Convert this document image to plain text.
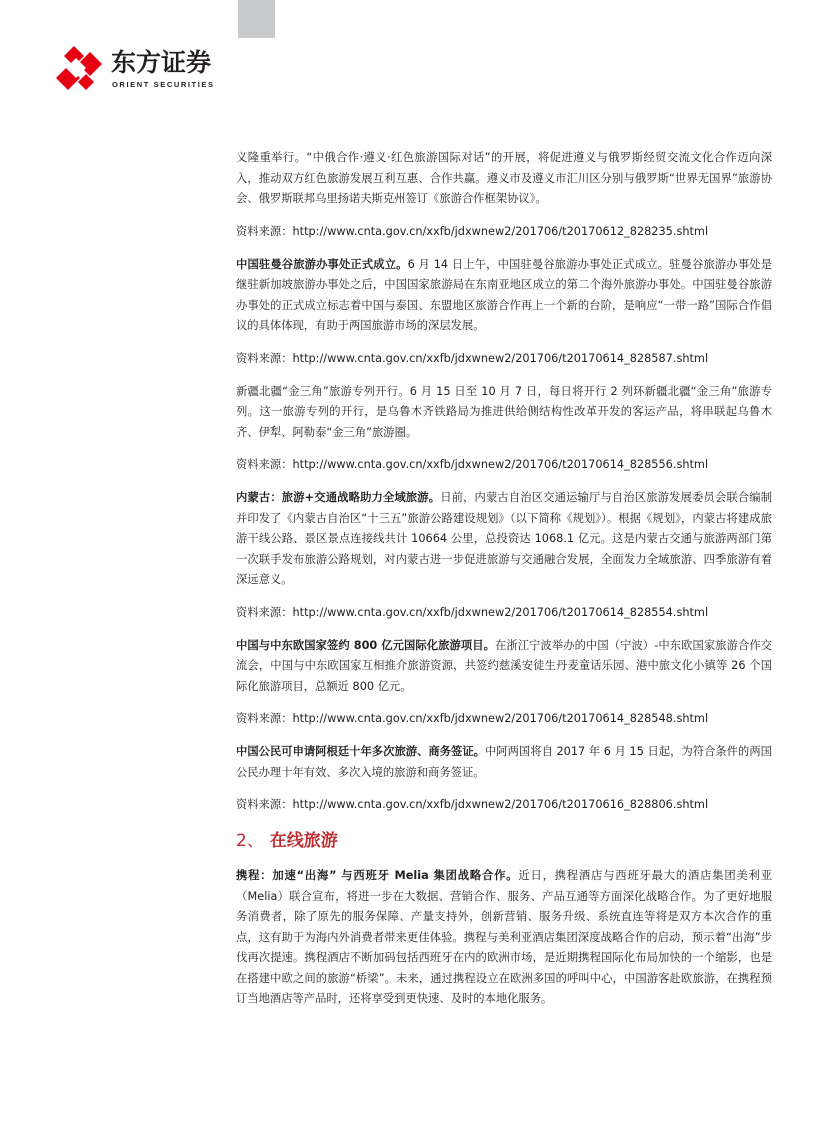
东方证券
ORIENT SECURITIES

义隆重举行。“中俄合作·遵义·红色旅游国际对话”的开展，将促进遵义与俄罗斯经贸交流文化合作迈向深入，推动双方红色旅游发展互利互惠、合作共赢。遵义市及遵义市汇川区分别与俄罗斯“世界无国界”旅游协会、俄罗斯联邦乌里扬诺夫斯克州签订《旅游合作框架协议》。

资料来源：http://www.cnta.gov.cn/xxfb/jdxwnew2/201706/t20170612_828235.shtml

中国驻曼谷旅游办事处正式成立。6 月 14 日上午，中国驻曼谷旅游办事处正式成立。驻曼谷旅游办事处是继驻新加坡旅游办事处之后，中国国家旅游局在东南亚地区成立的第二个海外旅游办事处。中国驻曼谷旅游办事处的正式成立标志着中国与泰国、东盟地区旅游合作再上一个新的台阶，是响应“一带一路”国际合作倡议的具体体现，有助于两国旅游市场的深层发展。

资料来源：http://www.cnta.gov.cn/xxfb/jdxwnew2/201706/t20170614_828587.shtml

新疆北疆“金三角”旅游专列开行。6 月 15 日至 10 月 7 日，每日将开行 2 列环新疆北疆“金三角”旅游专列。这一旅游专列的开行，是乌鲁木齐铁路局为推进供给侧结构性改革开发的客运产品，将串联起乌鲁木齐、伊犁、阿勒泰“金三角”旅游圈。

资料来源：http://www.cnta.gov.cn/xxfb/jdxwnew2/201706/t20170614_828556.shtml

内蒙古：旅游+交通战略助力全域旅游。日前，内蒙古自治区交通运输厅与自治区旅游发展委员会联合编制并印发了《内蒙古自治区“十三五”旅游公路建设规划》（以下简称《规划》）。根据《规划》，内蒙古将建成旅游干线公路、景区景点连接线共计 10664 公里，总投资达 1068.1 亿元。这是内蒙古交通与旅游两部门第一次联手发布旅游公路规划，对内蒙古进一步促进旅游与交通融合发展，全面发力全域旅游、四季旅游有着深远意义。

资料来源：http://www.cnta.gov.cn/xxfb/jdxwnew2/201706/t20170614_828554.shtml

中国与中东欧国家签约 800 亿元国际化旅游项目。在浙江宁波举办的中国（宁波）-中东欧国家旅游合作交流会，中国与中东欧国家互相推介旅游资源，共签约慈溪安徒生丹麦童话乐园、港中旅文化小镇等 26 个国际化旅游项目，总额近 800 亿元。

资料来源：http://www.cnta.gov.cn/xxfb/jdxwnew2/201706/t20170614_828548.shtml

中国公民可申请阿根廷十年多次旅游、商务签证。中阿两国将自 2017 年 6 月 15 日起，为符合条件的两国公民办理十年有效、多次入境的旅游和商务签证。

资料来源：http://www.cnta.gov.cn/xxfb/jdxwnew2/201706/t20170616_828806.shtml
2、 在线旅游

携程：加速“出海” 与西班牙 Melia 集团战略合作。近日，携程酒店与西班牙最大的酒店集团美利亚（Melia）联合宣布，将进一步在大数据、营销合作、服务、产品互通等方面深化战略合作。为了更好地服务消费者，除了原先的服务保障、产量支持外，创新营销、服务升级、系统直连等将是双方本次合作的重点，这有助于为海内外消费者带来更佳体验。携程与美利亚酒店集团深度战略合作的启动，预示着“出海”步伐再次提速。携程酒店不断加码包括西班牙在内的欧洲市场，是近期携程国际化布局加快的一个缩影，也是在搭建中欧之间的旅游“桥梁”。未来，通过携程设立在欧洲多国的呼叫中心，中国游客赴欧旅游，在携程预订当地酒店等产品时，还将享受到更快速、及时的本地化服务。
